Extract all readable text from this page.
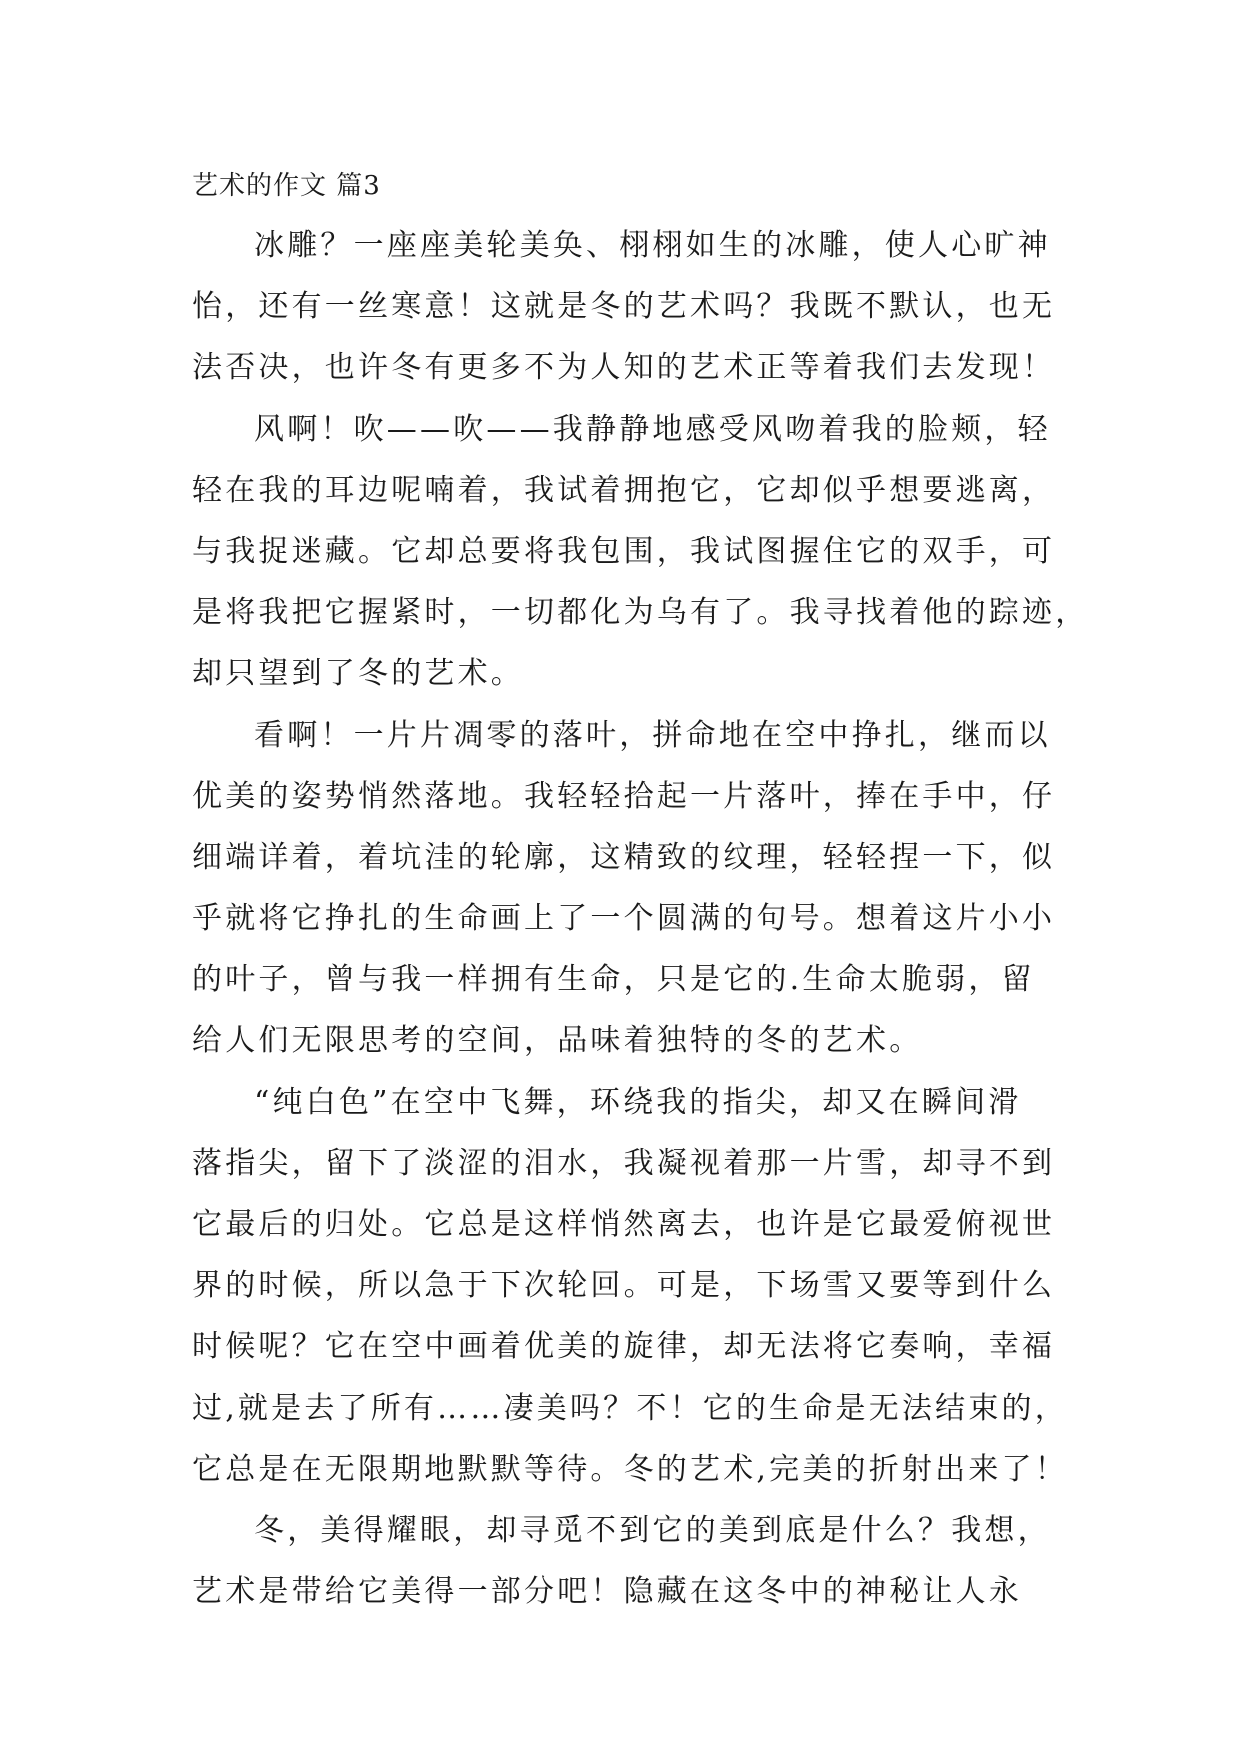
艺术的作文 篇3
冰雕？一座座美轮美奂、栩栩如生的冰雕，使人心旷神
怡，还有一丝寒意！这就是冬的艺术吗？我既不默认，也无
法否决，也许冬有更多不为人知的艺术正等着我们去发现！
风啊！吹——吹——我静静地感受风吻着我的脸颊，轻
轻在我的耳边呢喃着，我试着拥抱它，它却似乎想要逃离，
与我捉迷藏。它却总要将我包围，我试图握住它的双手，可
是将我把它握紧时，一切都化为乌有了。我寻找着他的踪迹，
却只望到了冬的艺术。
看啊！一片片凋零的落叶，拼命地在空中挣扎，继而以
优美的姿势悄然落地。我轻轻拾起一片落叶，捧在手中，仔
细端详着，着坑洼的轮廓，这精致的纹理，轻轻捏一下，似
乎就将它挣扎的生命画上了一个圆满的句号。想着这片小小
的叶子，曾与我一样拥有生命，只是它的.生命太脆弱，留
给人们无限思考的空间，品味着独特的冬的艺术。
“纯白色”在空中飞舞，环绕我的指尖，却又在瞬间滑
落指尖，留下了淡涩的泪水，我凝视着那一片雪，却寻不到
它最后的归处。它总是这样悄然离去，也许是它最爱俯视世
界的时候，所以急于下次轮回。可是，下场雪又要等到什么
时候呢？它在空中画着优美的旋律，却无法将它奏响，幸福
过,就是去了所有……凄美吗？不！它的生命是无法结束的，
它总是在无限期地默默等待。冬的艺术,完美的折射出来了！
冬，美得耀眼，却寻觅不到它的美到底是什么？我想，
艺术是带给它美得一部分吧！隐藏在这冬中的神秘让人永
